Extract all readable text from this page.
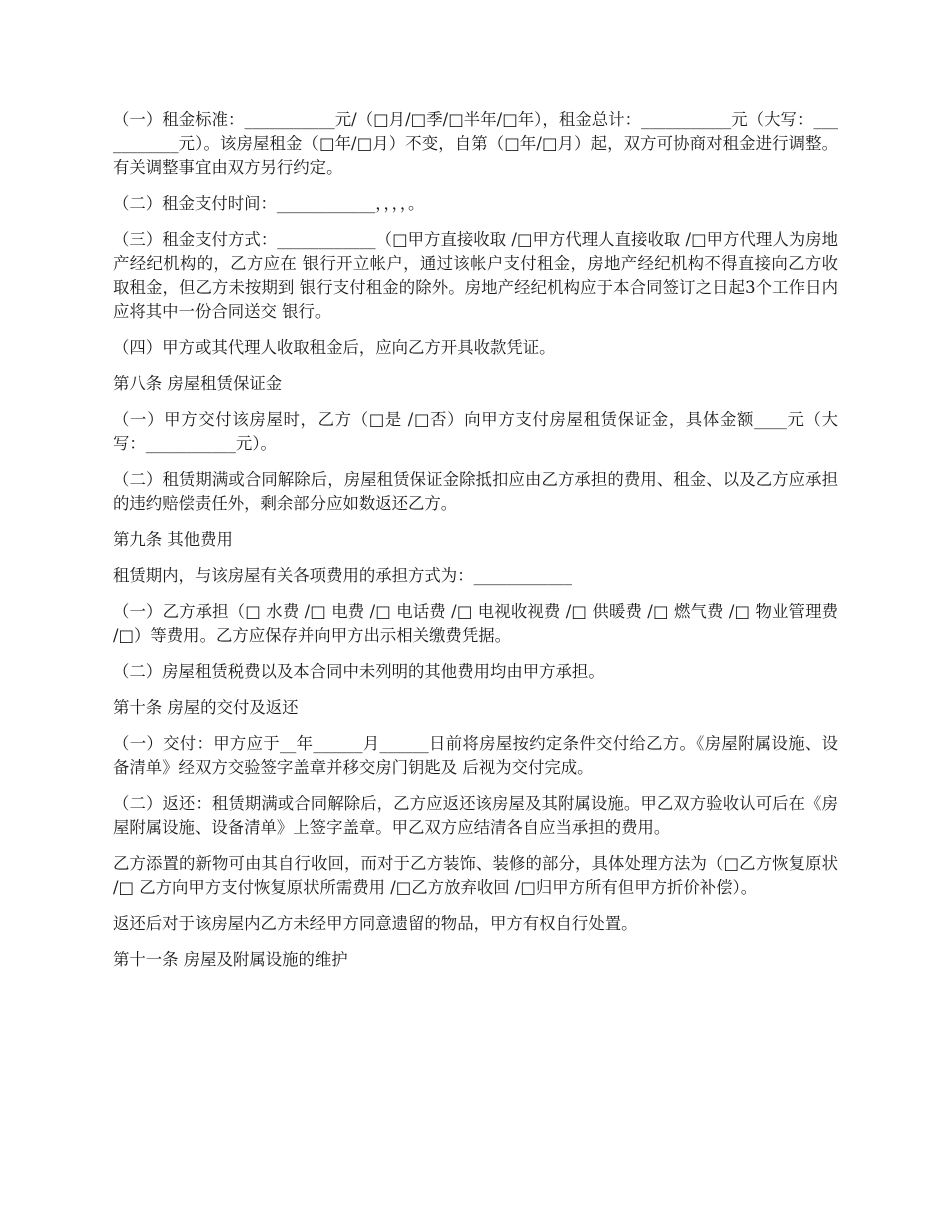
（一）租金标准：___________元/（□月/□季/□半年/□年），租金总计：___________元（大写：___________元）。该房屋租金（□年/□月）不变，自第（□年/□月）起，双方可协商对租金进行调整。有关调整事宜由双方另行约定。

（二）租金支付时间：____________，，，，。

（三）租金支付方式：____________（□甲方直接收取 /□甲方代理人直接收取 /□甲方代理人为房地产经纪机构的，乙方应在 银行开立帐户，通过该帐户支付租金，房地产经纪机构不得直接向乙方收取租金，但乙方未按期到 银行支付租金的除外。房地产经纪机构应于本合同签订之日起3个工作日内应将其中一份合同送交 银行。

（四）甲方或其代理人收取租金后，应向乙方开具收款凭证。

第八条 房屋租赁保证金

（一）甲方交付该房屋时，乙方（□是 /□否）向甲方支付房屋租赁保证金，具体金额____元（大写：___________元）。

（二）租赁期满或合同解除后，房屋租赁保证金除抵扣应由乙方承担的费用、租金、以及乙方应承担的违约赔偿责任外，剩余部分应如数返还乙方。

第九条 其他费用

租赁期内，与该房屋有关各项费用的承担方式为：____________

（一）乙方承担（□ 水费 /□ 电费 /□ 电话费 /□ 电视收视费 /□ 供暖费 /□ 燃气费 /□ 物业管理费 /□）等费用。乙方应保存并向甲方出示相关缴费凭据。

（二）房屋租赁税费以及本合同中未列明的其他费用均由甲方承担。

第十条 房屋的交付及返还

（一）交付：甲方应于__年______月______日前将房屋按约定条件交付给乙方。《房屋附属设施、设备清单》经双方交验签字盖章并移交房门钥匙及 后视为交付完成。

（二）返还：租赁期满或合同解除后，乙方应返还该房屋及其附属设施。甲乙双方验收认可后在《房屋附属设施、设备清单》上签字盖章。甲乙双方应结清各自应当承担的费用。

乙方添置的新物可由其自行收回，而对于乙方装饰、装修的部分，具体处理方法为（□乙方恢复原状 /□ 乙方向甲方支付恢复原状所需费用 /□乙方放弃收回 /□归甲方所有但甲方折价补偿）。

返还后对于该房屋内乙方未经甲方同意遗留的物品，甲方有权自行处置。

第十一条 房屋及附属设施的维护
